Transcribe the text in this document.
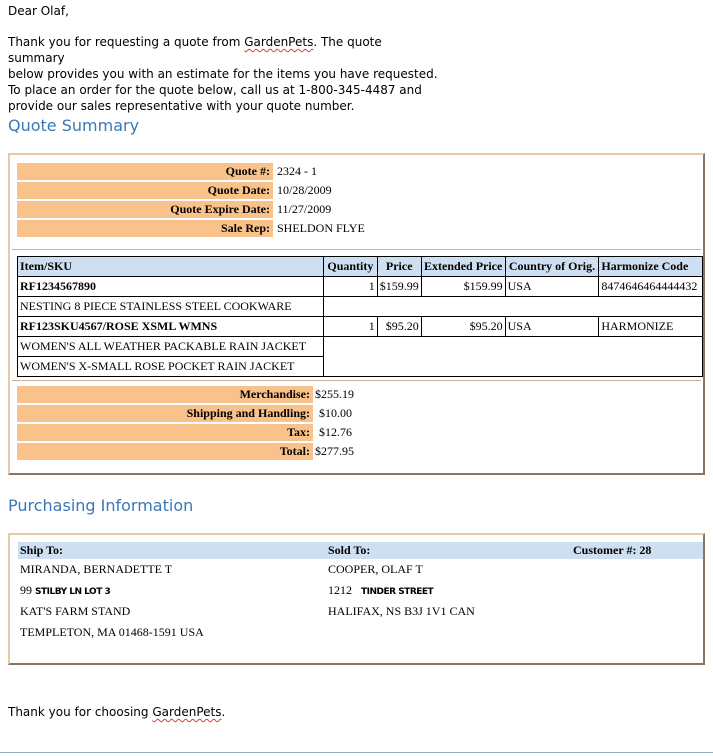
Dear Olaf,

Thank you for requesting a quote from GardenPets. The quote summary

below provides you with an estimate for the items you have requested.

To place an order for the quote below, call us at 1-800-345-4487 and

provide our sales representative with your quote number.

Quote Summary
Quote #:	2324 - 1
Quote Date:	10/28/2009
Quote Expire Date:	11/27/2009
Sale Rep:	SHELDON FLYE
Item/SKU	Quantity	Price	Extended Price	Country of Orig.	Harmonize Code
RF1234567890	1	$159.99	$159.99	USA	8474646464444432
NESTING 8 PIECE STAINLESS STEEL COOKWARE					
RF123SKU4567/ROSE XSML WMNS	1	$95.20	$95.20	USA	HARMONIZE
WOMEN'S ALL WEATHER PACKABLE RAIN JACKET					
WOMEN'S X-SMALL ROSE POCKET RAIN JACKET					
Merchandise:	$255.19
Shipping and Handling:	$10.00
Tax:	$12.76
Total:	$277.95
Purchasing Information
Ship To:	Sold To:	Customer #: 28
MIRANDA, BERNADETTE T	COOPER, OLAF T	
99 STILBY LN LOT 3	1212 TINDER STREET	
KAT'S FARM STAND	HALIFAX, NS B3J 1V1 CAN	
TEMPLETON, MA 01468-1591 USA		
Thank you for choosing GardenPets.
